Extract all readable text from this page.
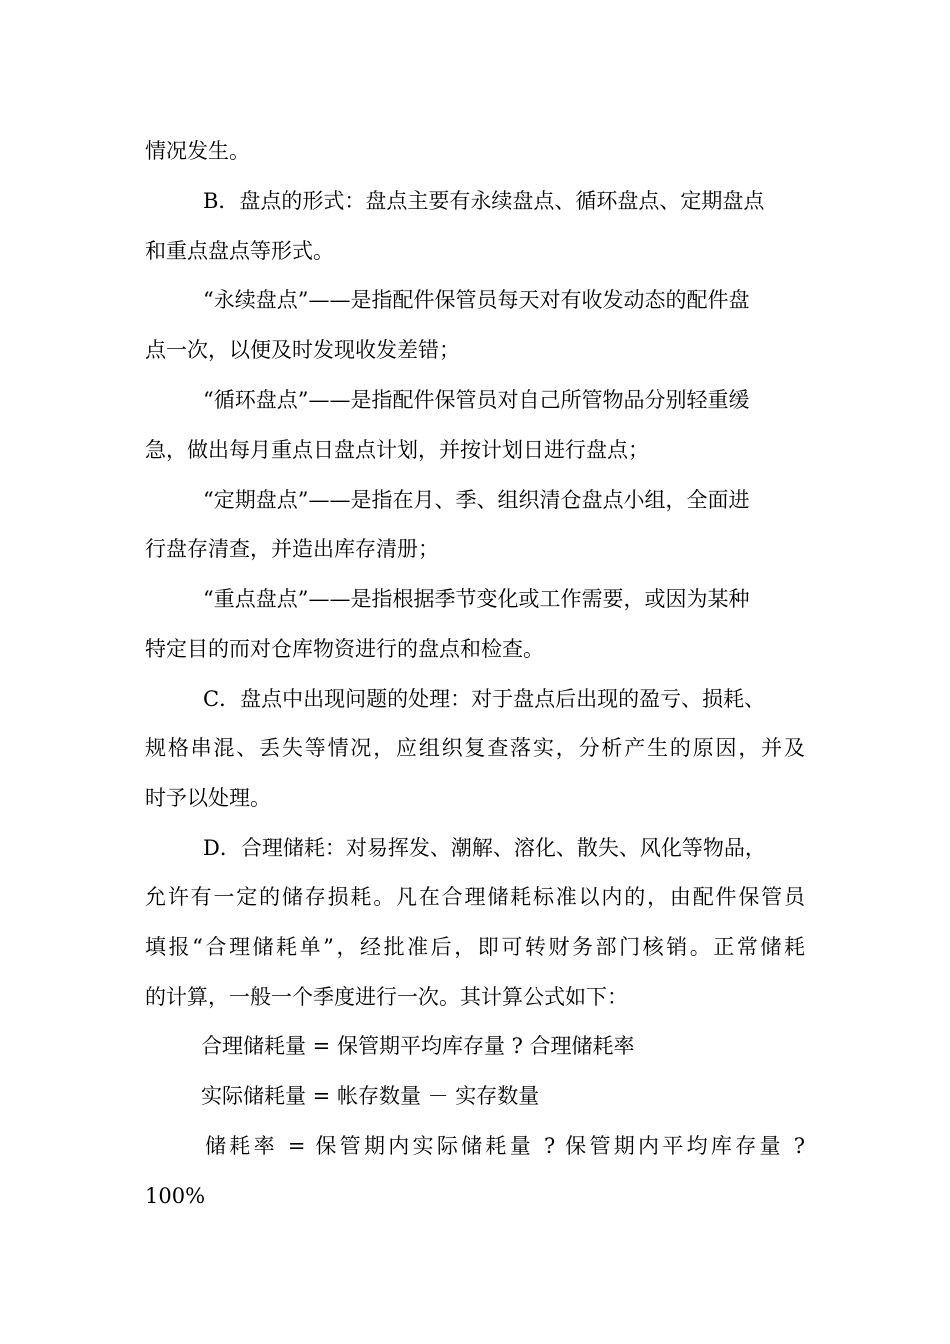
情况发生。
B．盘点的形式：盘点主要有永续盘点、循环盘点、定期盘点
和重点盘点等形式。
“永续盘点”——是指配件保管员每天对有收发动态的配件盘
点一次，以便及时发现收发差错；
“循环盘点”——是指配件保管员对自己所管物品分别轻重缓
急，做出每月重点日盘点计划，并按计划日进行盘点；
“定期盘点”——是指在月、季、组织清仓盘点小组，全面进
行盘存清查，并造出库存清册；
“重点盘点”——是指根据季节变化或工作需要，或因为某种
特定目的而对仓库物资进行的盘点和检查。
C．盘点中出现问题的处理：对于盘点后出现的盈亏、损耗、
规格串混、丢失等情况，应组织复查落实，分析产生的原因，并及
时予以处理。
D．合理储耗：对易挥发、潮解、溶化、散失、风化等物品，
允许有一定的储存损耗。凡在合理储耗标准以内的，由配件保管员
填报“合理储耗单”，经批准后，即可转财务部门核销。正常储耗
的计算，一般一个季度进行一次。其计算公式如下：
合理储耗量 = 保管期平均库存量 ? 合理储耗率
实际储耗量 = 帐存数量 － 实存数量
储耗率 = 保管期内实际储耗量 ? 保管期内平均库存量 ?
100%
